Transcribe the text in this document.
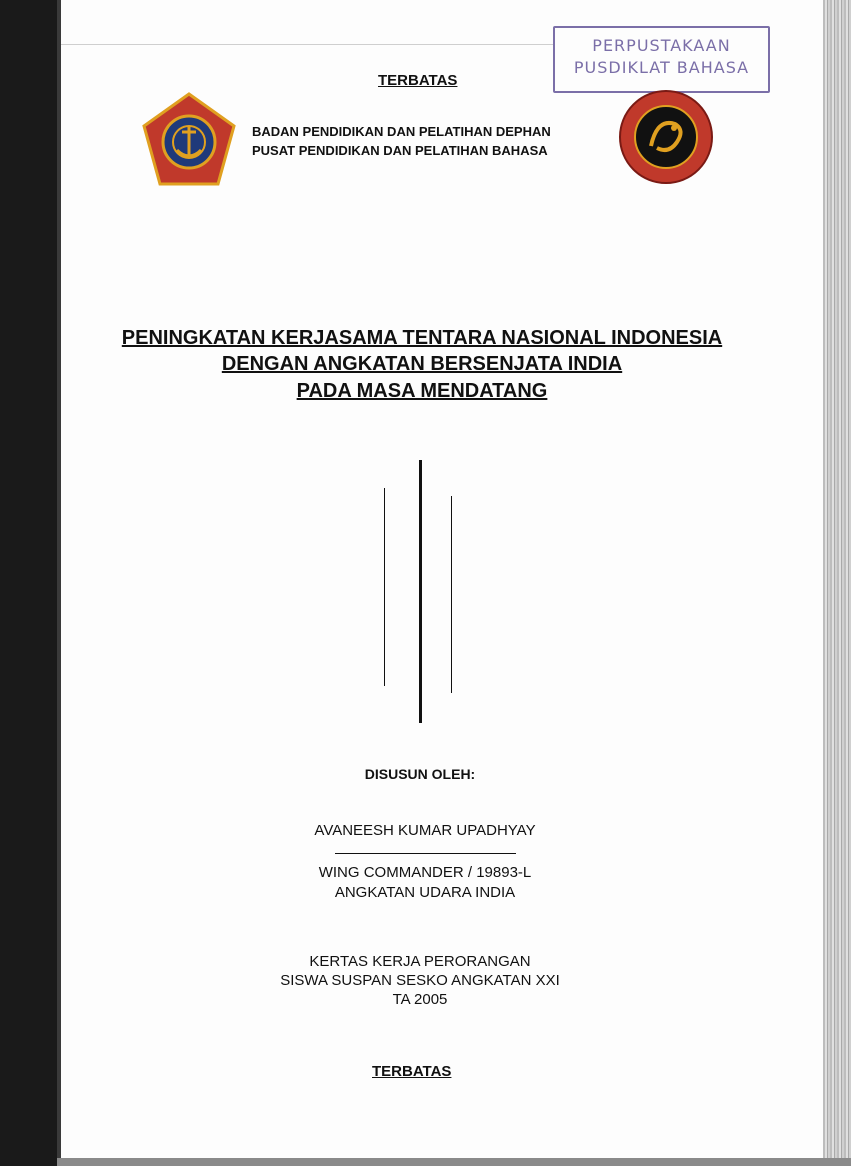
PERPUSTAKAAN
PUSDIKLAT BAHASA
TERBATAS
BADAN PENDIDIKAN DAN PELATIHAN DEPHAN
PUSAT PENDIDIKAN DAN PELATIHAN BAHASA
PENINGKATAN KERJASAMA TENTARA NASIONAL INDONESIA
DENGAN ANGKATAN BERSENJATA INDIA
PADA MASA MENDATANG
DISUSUN OLEH:
AVANEESH KUMAR UPADHYAY
WING COMMANDER / 19893-L
ANGKATAN UDARA INDIA
KERTAS KERJA PERORANGAN
SISWA SUSPAN SESKO ANGKATAN XXI
TA 2005
TERBATAS
